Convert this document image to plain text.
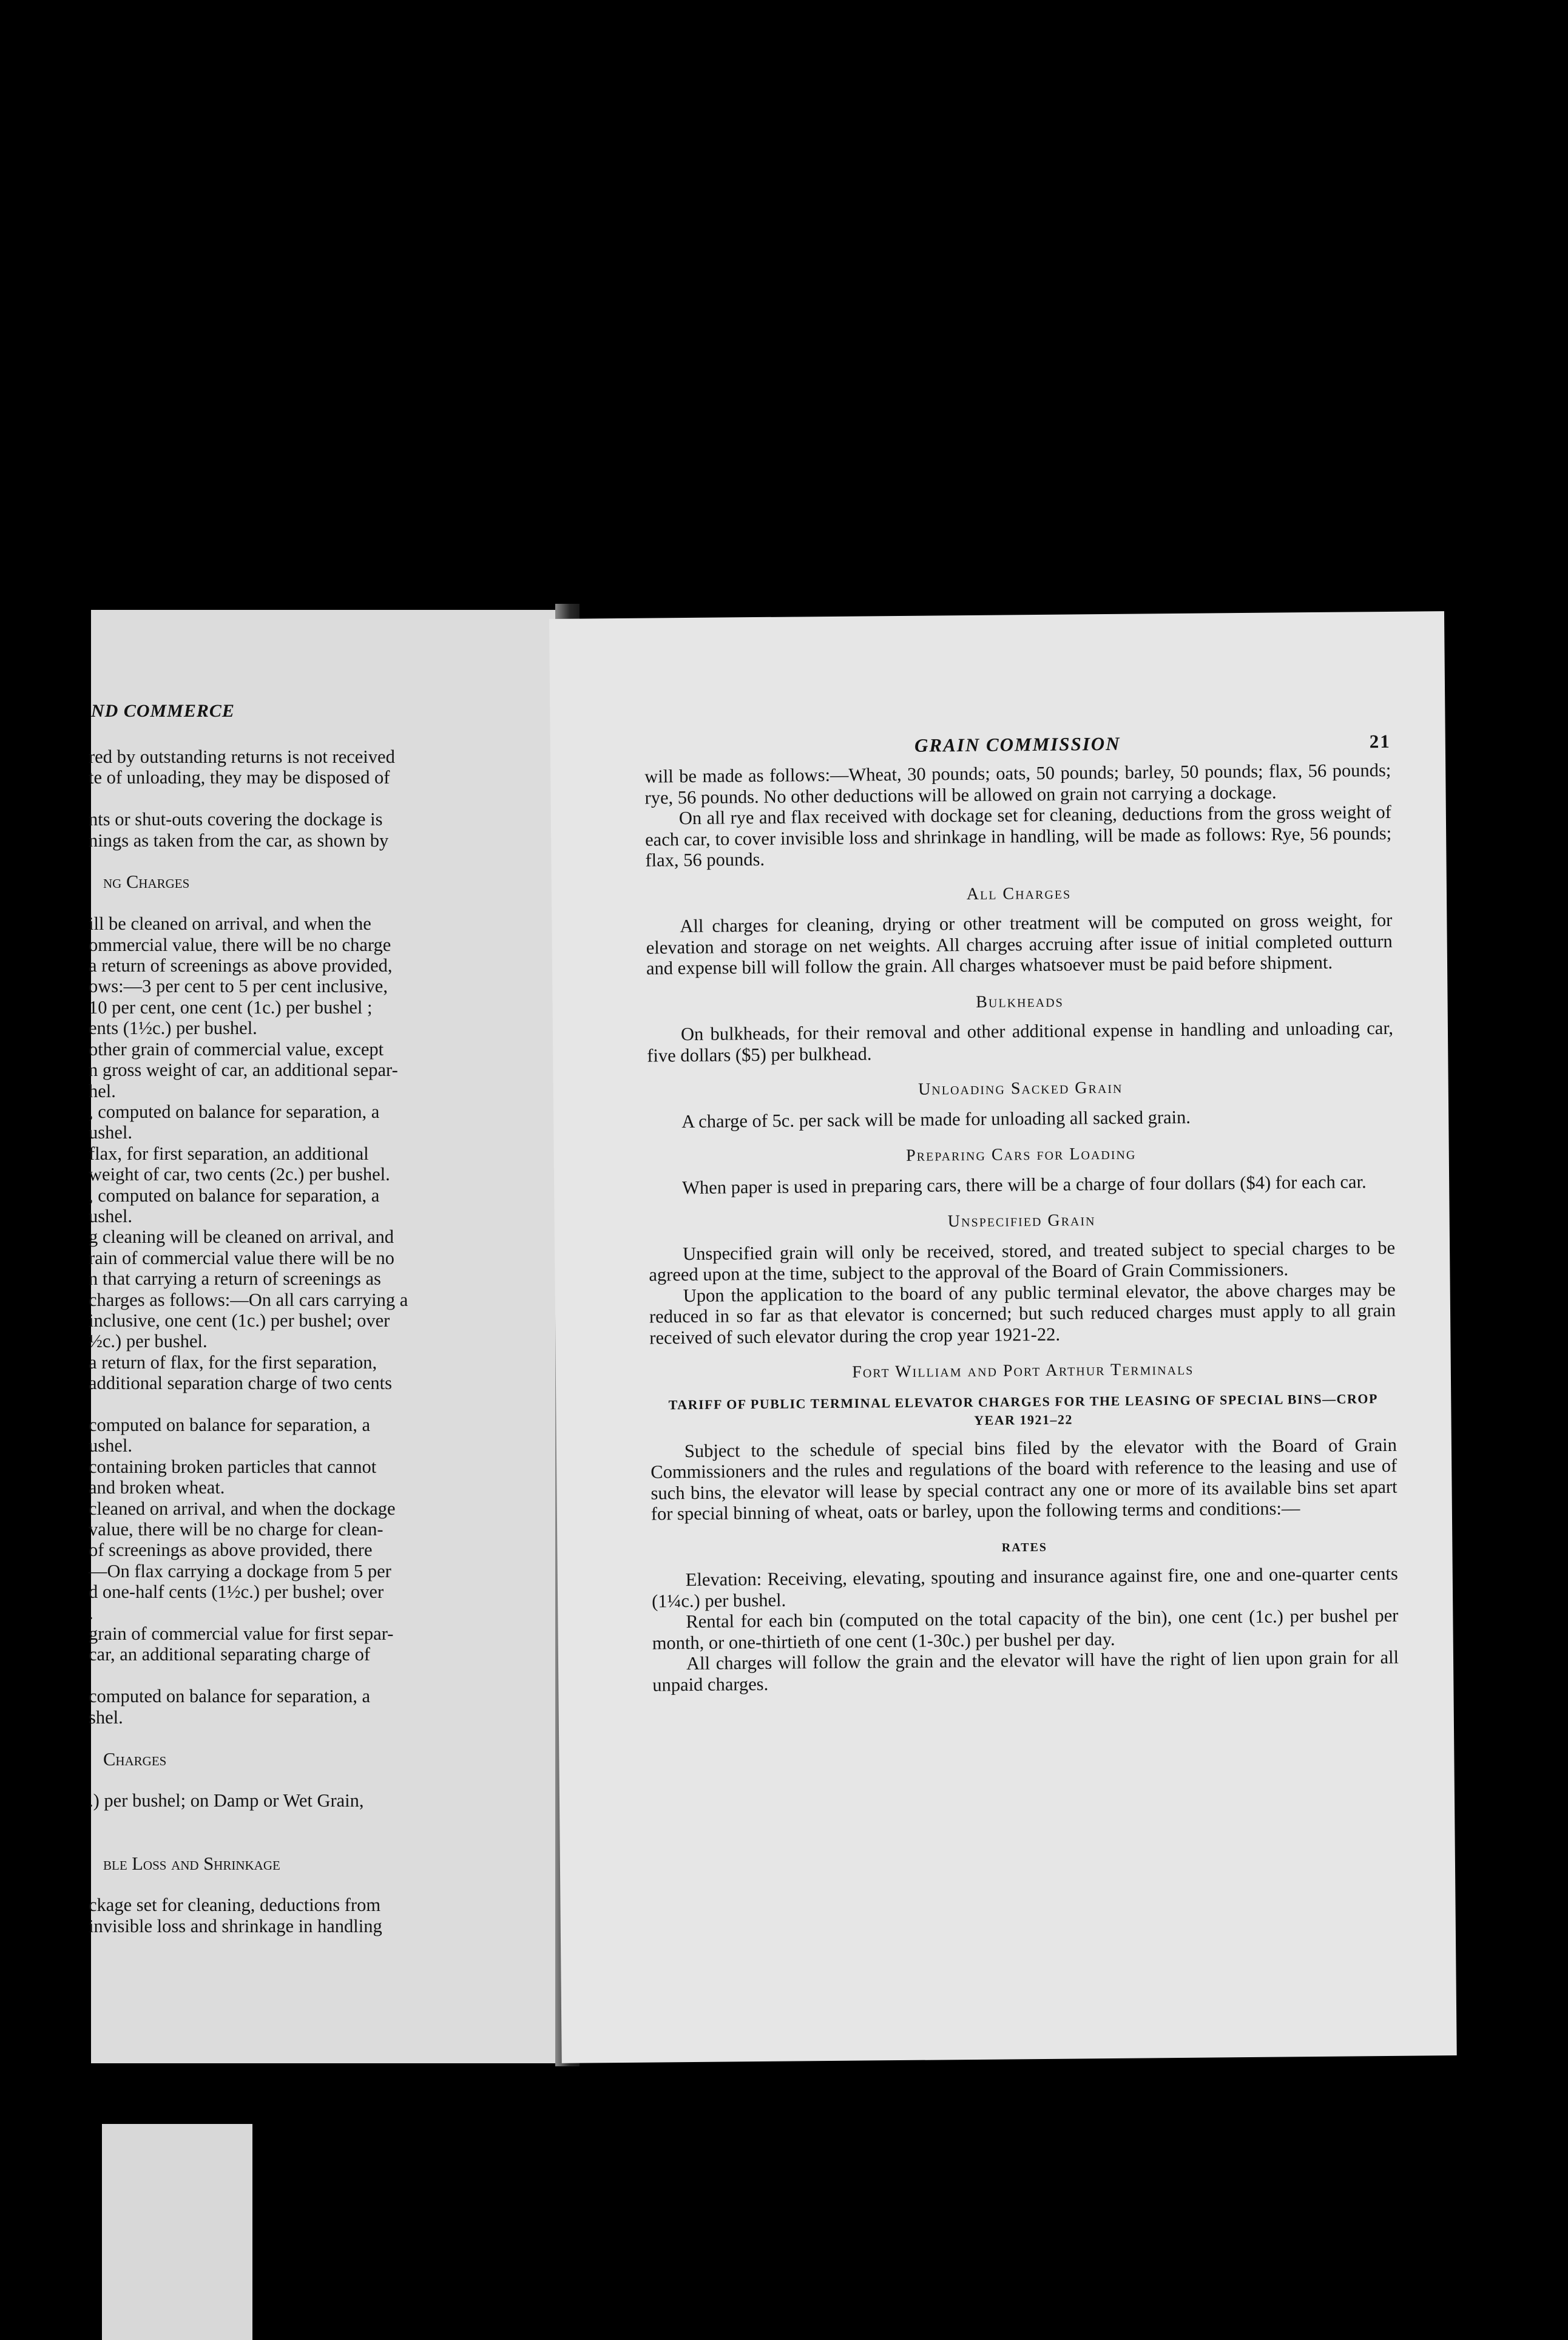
ND COMMERCE
red by outstanding returns is not received
te of unloading, they may be disposed of

nts or shut-outs covering the dockage is
nings as taken from the car, as shown by

ng Charges

ill be cleaned on arrival, and when the
ommercial value, there will be no charge
a return of screenings as above provided,
ows:—3 per cent to 5 per cent inclusive,
10 per cent, one cent (1c.) per bushel ;
ents (1½c.) per bushel.
other grain of commercial value, except
n gross weight of car, an additional separ-
hel.
, computed on balance for separation, a
ushel.
flax, for first separation, an additional
weight of car, two cents (2c.) per bushel.
, computed on balance for separation, a
ushel.
g cleaning will be cleaned on arrival, and
rain of commercial value there will be no
n that carrying a return of screenings as
charges as follows:—On all cars carrying a
inclusive, one cent (1c.) per bushel; over
½c.) per bushel.
a return of flax, for the first separation,
additional separation charge of two cents

computed on balance for separation, a
ushel.
containing broken particles that cannot
and broken wheat.
cleaned on arrival, and when the dockage
value, there will be no charge for clean-
of screenings as above provided, there
—On flax carrying a dockage from 5 per
d one-half cents (1½c.) per bushel; over
.
grain of commercial value for first separ-
car, an additional separating charge of

computed on balance for separation, a
shel.

Charges

.) per bushel; on Damp or Wet Grain,

ble Loss and Shrinkage

ckage set for cleaning, deductions from
invisible loss and shrinkage in handling
GRAIN COMMISSION	21

will be made as follows:—Wheat, 30 pounds; oats, 50 pounds; barley, 50 pounds; flax, 56 pounds; rye, 56 pounds. No other deductions will be allowed on grain not carrying a dockage.

On all rye and flax received with dockage set for cleaning, deductions from the gross weight of each car, to cover invisible loss and shrinkage in handling, will be made as follows: Rye, 56 pounds; flax, 56 pounds.

All Charges

All charges for cleaning, drying or other treatment will be computed on gross weight, for elevation and storage on net weights. All charges accruing after issue of initial completed outturn and expense bill will follow the grain. All charges whatsoever must be paid before shipment.

Bulkheads

On bulkheads, for their removal and other additional expense in handling and unloading car, five dollars ($5) per bulkhead.

Unloading Sacked Grain

A charge of 5c. per sack will be made for unloading all sacked grain.

Preparing Cars for Loading

When paper is used in preparing cars, there will be a charge of four dollars ($4) for each car.

Unspecified Grain

Unspecified grain will only be received, stored, and treated subject to special charges to be agreed upon at the time, subject to the approval of the Board of Grain Commissioners.

Upon the application to the board of any public terminal elevator, the above charges may be reduced in so far as that elevator is concerned; but such reduced charges must apply to all grain received of such elevator during the crop year 1921-22.

Fort William and Port Arthur Terminals
TARIFF OF PUBLIC TERMINAL ELEVATOR CHARGES FOR THE LEASING OF SPECIAL BINS—CROP YEAR 1921–22

Subject to the schedule of special bins filed by the elevator with the Board of Grain Commissioners and the rules and regulations of the board with reference to the leasing and use of such bins, the elevator will lease by special contract any one or more of its available bins set apart for special binning of wheat, oats or barley, upon the following terms and conditions:—

RATES

Elevation: Receiving, elevating, spouting and insurance against fire, one and one-quarter cents (1¼c.) per bushel.

Rental for each bin (computed on the total capacity of the bin), one cent (1c.) per bushel per month, or one-thirtieth of one cent (1-30c.) per bushel per day.

All charges will follow the grain and the elevator will have the right of lien upon grain for all unpaid charges.
